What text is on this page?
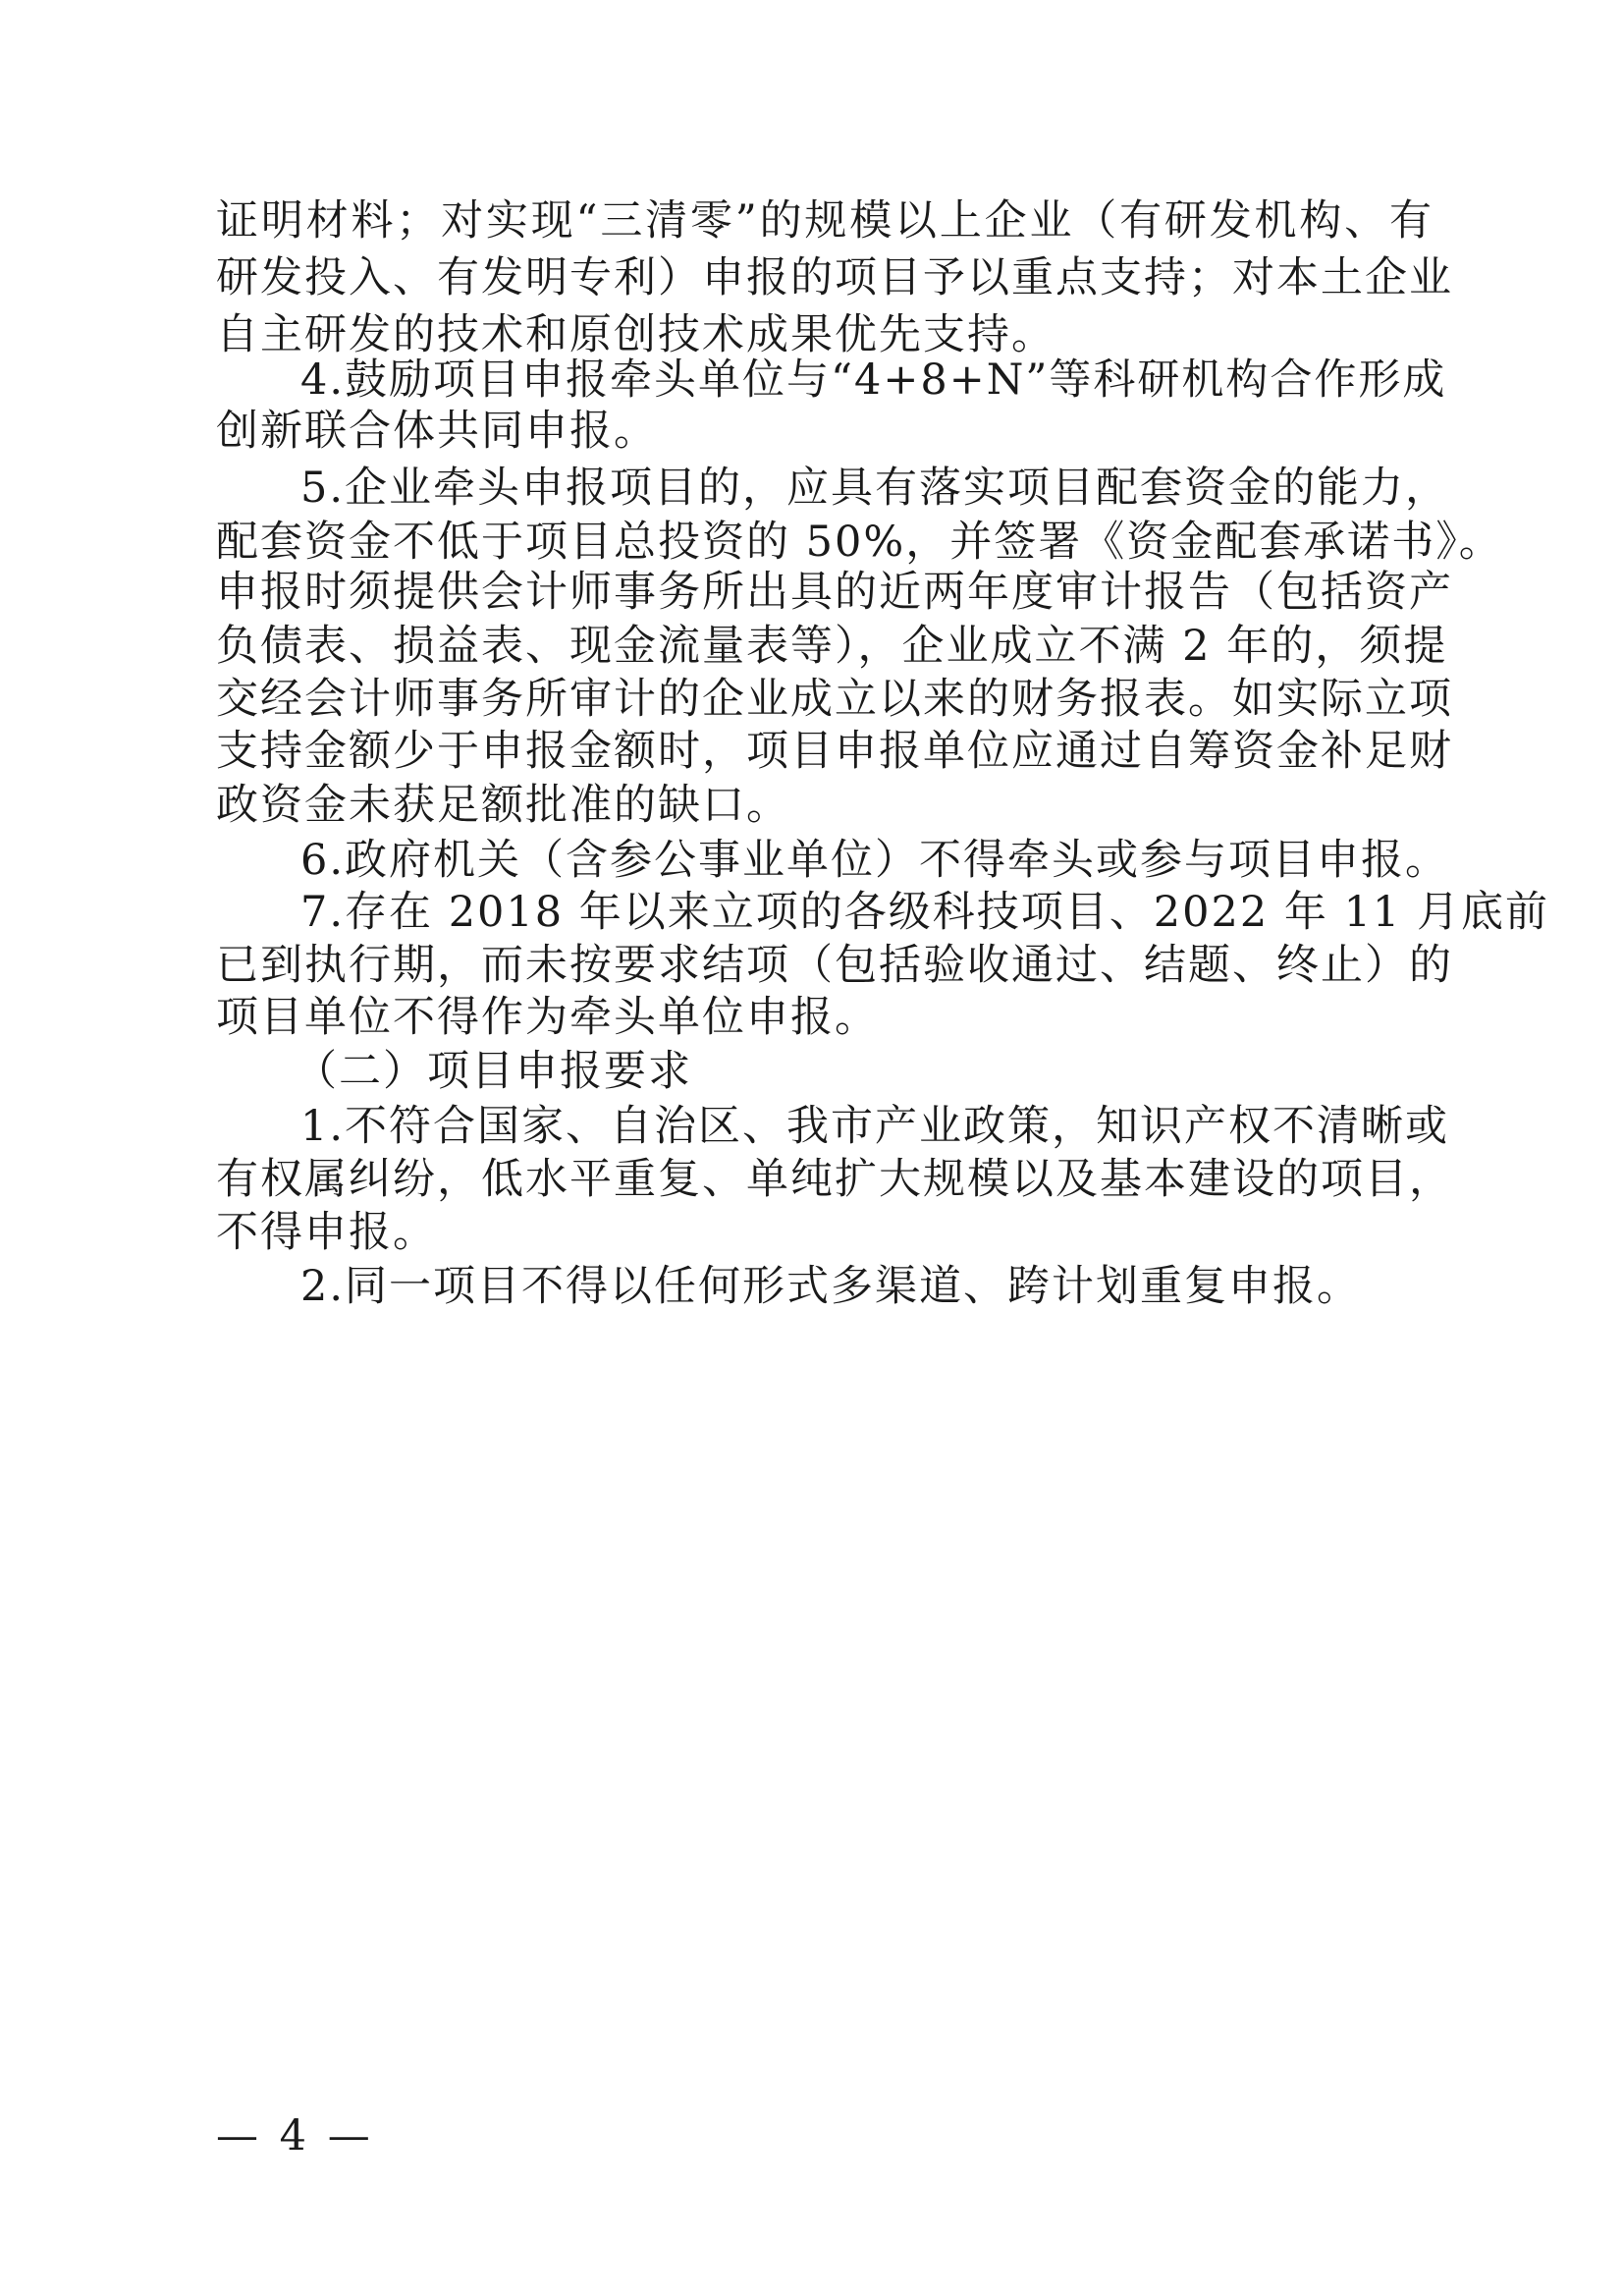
证明材料；对实现“三清零”的规模以上企业（有研发机构、有
研发投入、有发明专利）申报的项目予以重点支持；对本土企业
自主研发的技术和原创技术成果优先支持。
4.鼓励项目申报牵头单位与“4+8+N”等科研机构合作形成
创新联合体共同申报。
5.企业牵头申报项目的，应具有落实项目配套资金的能力，
配套资金不低于项目总投资的 50%，并签署《资金配套承诺书》。
申报时须提供会计师事务所出具的近两年度审计报告（包括资产
负债表、损益表、现金流量表等），企业成立不满 2 年的，须提
交经会计师事务所审计的企业成立以来的财务报表。如实际立项
支持金额少于申报金额时，项目申报单位应通过自筹资金补足财
政资金未获足额批准的缺口。
6.政府机关（含参公事业单位）不得牵头或参与项目申报。
7.存在 2018 年以来立项的各级科技项目、2022 年 11 月底前
已到执行期，而未按要求结项（包括验收通过、结题、终止）的
项目单位不得作为牵头单位申报。
（二）项目申报要求
1.不符合国家、自治区、我市产业政策，知识产权不清晰或
有权属纠纷，低水平重复、单纯扩大规模以及基本建设的项目，
不得申报。
2.同一项目不得以任何形式多渠道、跨计划重复申报。
— 4 —
